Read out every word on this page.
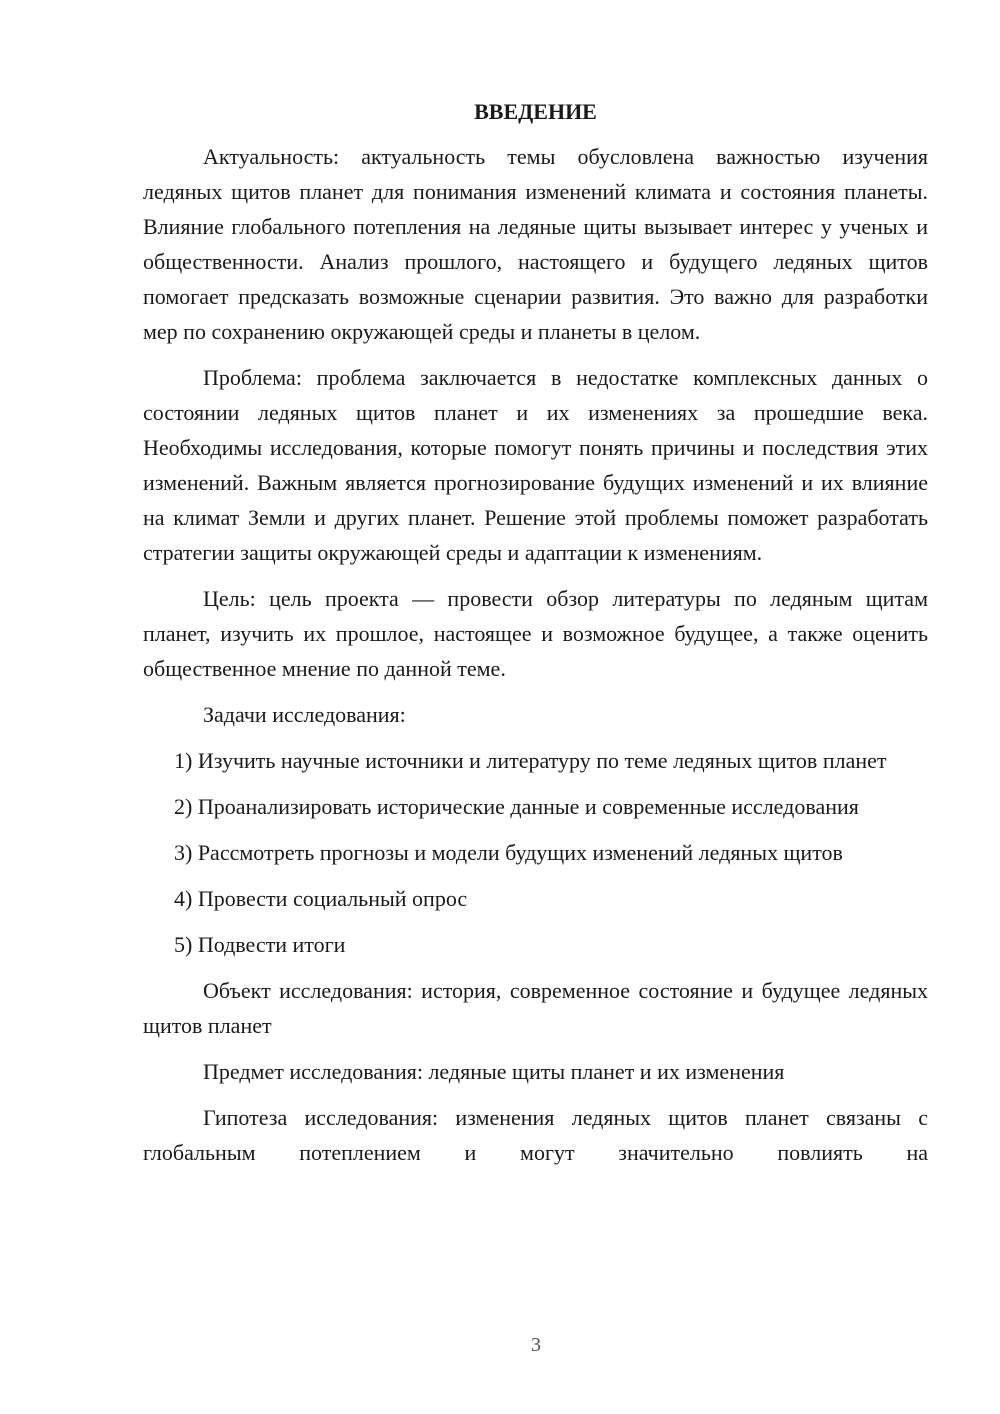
ВВЕДЕНИЕ

Актуальность: актуальность темы обусловлена важностью изучения ледяных щитов планет для понимания изменений климата и состояния планеты. Влияние глобального потепления на ледяные щиты вызывает интерес у ученых и общественности. Анализ прошлого, настоящего и будущего ледяных щитов помогает предсказать возможные сценарии развития. Это важно для разработки мер по сохранению окружающей среды и планеты в целом.

Проблема: проблема заключается в недостатке комплексных данных о состоянии ледяных щитов планет и их изменениях за прошедшие века. Необходимы исследования, которые помогут понять причины и последствия этих изменений. Важным является прогнозирование будущих изменений и их влияние на климат Земли и других планет. Решение этой проблемы поможет разработать стратегии защиты окружающей среды и адаптации к изменениям.

Цель: цель проекта — провести обзор литературы по ледяным щитам планет, изучить их прошлое, настоящее и возможное будущее, а также оценить общественное мнение по данной теме.

Задачи исследования:

1) Изучить научные источники и литературу по теме ледяных щитов планет

2) Проанализировать исторические данные и современные исследования

3) Рассмотреть прогнозы и модели будущих изменений ледяных щитов

4) Провести социальный опрос

5) Подвести итоги

Объект исследования: история, современное состояние и будущее ледяных щитов планет

Предмет исследования: ледяные щиты планет и их изменения

Гипотеза исследования: изменения ледяных щитов планет связаны с глобальным потеплением и могут значительно повлиять на

3
